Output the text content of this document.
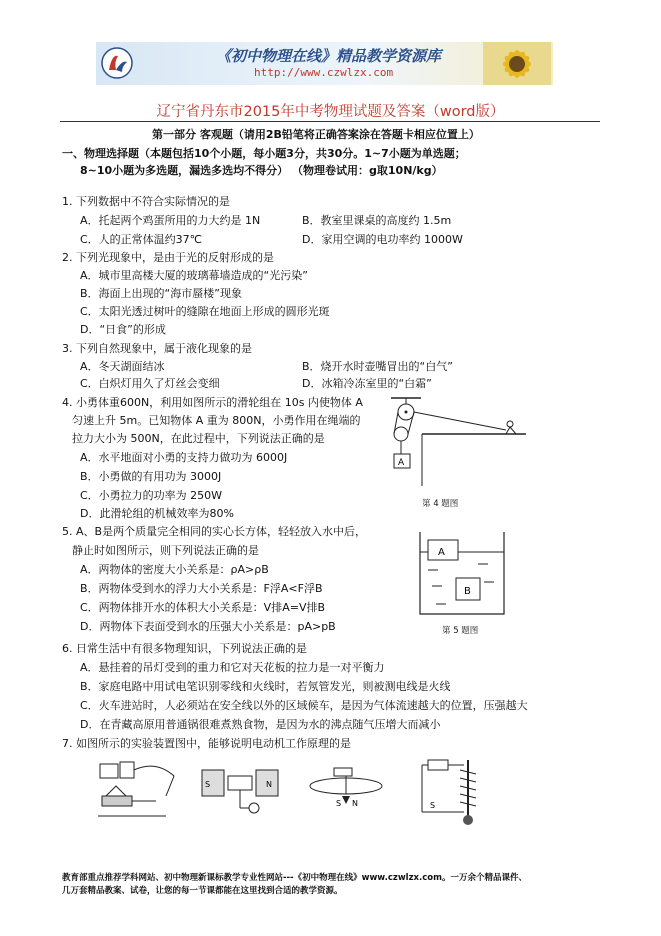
《初中物理在线》精品教学资源库
http://www.czwlzx.com
辽宁省丹东市2015年中考物理试题及答案（word版）
第一部分 客观题（请用2B铅笔将正确答案涂在答题卡相应位置上）
一、物理选择题（本题包括10个小题，每小题3分，共30分。1~7小题为单选题；
8~10小题为多选题，漏选多选均不得分） （物理卷试用：g取10N/kg）
1. 下列数据中不符合实际情况的是
A．托起两个鸡蛋所用的力大约是 1N	B．教室里课桌的高度约 1.5m
C．人的正常体温约37℃	D．家用空调的电功率约 1000W
2. 下列光现象中，是由于光的反射形成的是
A．城市里高楼大厦的玻璃幕墙造成的“光污染”
B．海面上出现的“海市蜃楼”现象
C．太阳光透过树叶的缝隙在地面上形成的圆形光斑
D．“日食”的形成
3. 下列自然现象中，属于液化现象的是
A．冬天湖面结冰	B．烧开水时壶嘴冒出的“白气”
C．白炽灯用久了灯丝会变细	D．冰箱冷冻室里的“白霜”
4. 小勇体重600N，利用如图所示的滑轮组在 10s 内使物体 A
匀速上升 5m。已知物体 A 重为 800N，小勇作用在绳端的
拉力大小为 500N，在此过程中，下列说法正确的是
A．水平地面对小勇的支持力做功为 6000J
B．小勇做的有用功为 3000J
C．小勇拉力的功率为 250W
D．此滑轮组的机械效率为80%
A
第 4 题图
5. A、B是两个质量完全相同的实心长方体，轻轻放入水中后，
静止时如图所示，则下列说法正确的是
A．两物体的密度大小关系是：ρA>ρB
B．两物体受到水的浮力大小关系是：F浮A<F浮B
C．两物体排开水的体积大小关系是：V排A=V排B
D．两物体下表面受到水的压强大小关系是：pA>pB
A
B
第 5 题图
6. 日常生活中有很多物理知识，下列说法正确的是
A．悬挂着的吊灯受到的重力和它对天花板的拉力是一对平衡力
B．家庭电路中用试电笔识别零线和火线时，若氖管发光，则被测电线是火线
C．火车进站时，人必须站在安全线以外的区域候车，是因为气体流速越大的位置，压强越大
D．在青藏高原用普通锅很难煮熟食物，是因为水的沸点随气压增大而减小
7. 如图所示的实验装置图中，能够说明电动机工作原理的是
S	N
S N	S
教育部重点推荐学科网站、初中物理新课标教学专业性网站---《初中物理在线》www.czwlzx.com。一万余个精品课件、
几万套精品教案、试卷，让您的每一节课都能在这里找到合适的教学资源。
